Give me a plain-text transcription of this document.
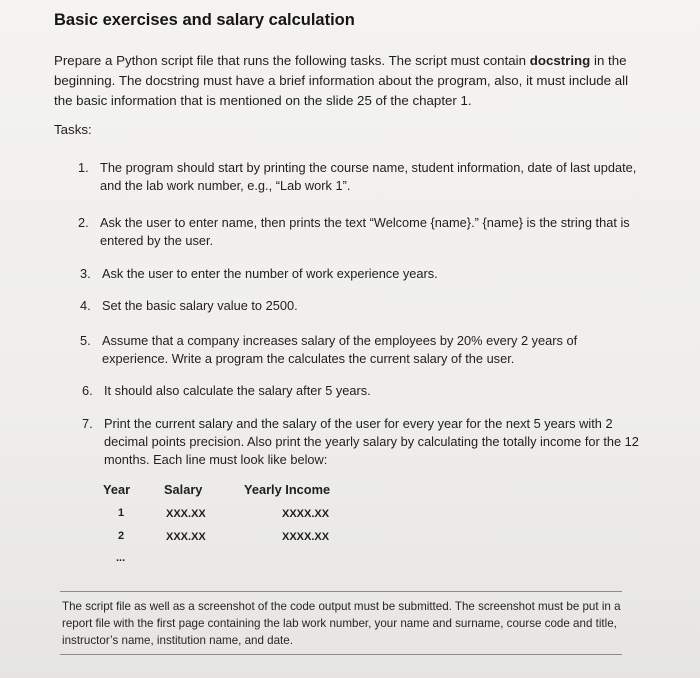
Basic exercises and salary calculation
Prepare a Python script file that runs the following tasks. The script must contain docstring in the beginning. The docstring must have a brief information about the program, also, it must include all the basic information that is mentioned on the slide 25 of the chapter 1.
Tasks:
1. The program should start by printing the course name, student information, date of last update, and the lab work number, e.g., “Lab work 1”.
2. Ask the user to enter name, then prints the text “Welcome {name}.” {name} is the string that is entered by the user.
3. Ask the user to enter the number of work experience years.
4. Set the basic salary value to 2500.
5. Assume that a company increases salary of the employees by 20% every 2 years of experience. Write a program the calculates the current salary of the user.
6. It should also calculate the salary after 5 years.
7. Print the current salary and the salary of the user for every year for the next 5 years with 2 decimal points precision. Also print the yearly salary by calculating the totally income for the 12 months. Each line must look like below:
Year	Salary	Yearly Income
1	XXX.XX	XXXX.XX
2	XXX.XX	XXXX.XX
...
The script file as well as a screenshot of the code output must be submitted. The screenshot must be put in a report file with the first page containing the lab work number, your name and surname, course code and title, instructor’s name, institution name, and date.
